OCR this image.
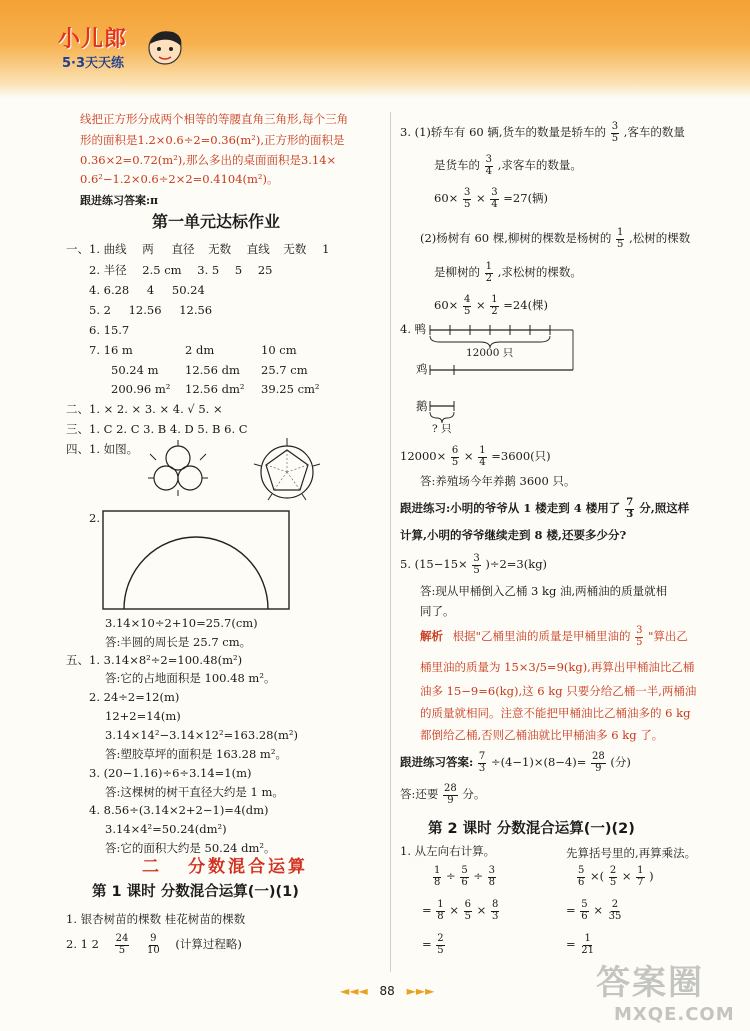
小儿郎
5·3天天练
线把正方形分成两个相等的等腰直角三角形,每个三角
形的面积是1.2×0.6÷2=0.36(m²),正方形的面积是
0.36×2=0.72(m²),那么多出的桌面面积是3.14×
0.6²−1.2×0.6÷2×2=0.4104(m²)。
跟进练习答案:π
第一单元达标作业
一、1. 曲线 两 直径 无数 直线 无数 1
2. 半径 2.5 cm 3. 5 5 25
4. 6.28 4 50.24
5. 2 12.56 12.56
6. 15.7
7. 16 m	2 dm	10 cm
50.24 m 12.56 dm 25.7 cm
200.96 m² 12.56 dm² 39.25 cm²
二、1. × 2. × 3. × 4. √ 5. ×
三、1. C 2. C 3. B 4. D 5. B 6. C
四、1. 如图。
2.
3.14×10÷2+10=25.7(cm)
答:半圆的周长是 25.7 cm。
五、1. 3.14×8²÷2=100.48(m²)
答:它的占地面积是 100.48 m²。
2. 24÷2=12(m)
12+2=14(m)
3.14×14²−3.14×12²=163.28(m²)
答:塑胶草坪的面积是 163.28 m²。
3. (20−1.16)÷6÷3.14=1(m)
答:这棵树的树干直径大约是 1 m。
4. 8.56÷(3.14×2+2−1)=4(dm)
3.14×4²=50.24(dm²)
答:它的面积大约是 50.24 dm²。
二 分数混合运算
第 1 课时 分数混合运算(一)(1)
1. 银杏树苗的棵数 桂花树苗的棵数
2. 1 $2 \frac{24}{5}$
$\frac{9}{10}$ (计算过程略)
3. (1)轿车有 60 辆,货车的数量是轿车的 $\frac{3}{5}$ ,客车的数量
是货车的 $\frac{3}{4}$ ,求客车的数量。
$60\times \frac{3}{5} \times \frac{3}{4} =27$(辆)
(2)杨树有 60 棵,柳树的棵数是杨树的 $\frac{1}{5}$ ,松树的棵数
是柳树的 $\frac{1}{2}$ ,求松树的棵数。
$60\times \frac{4}{5} \times \frac{1}{2} =24$(棵)
4. 鸭
12000 只
鸡
鹅
? 只
$12000\times \frac{6}{5} \times \frac{1}{4} =3600$(只)
答:养殖场今年养鹅 3600 只。
跟进练习:小明的爷爷从 1 楼走到 4 楼用了 $\frac{7}{3}$ 分,照这样
计算,小明的爷爷继续走到 8 楼,还要多少分?
5. $(15-15\times \frac{3}{5} )\div 2=3(kg)$
答:现从甲桶倒入乙桶 3 kg 油,两桶油的质量就相
同了。
解析 根据"乙桶里油的质量是甲桶里油的 $\frac{3}{5}$ "算出乙
桶里油的质量为 15×3/5=9(kg),再算出甲桶油比乙桶
油多 15−9=6(kg),这 6 kg 只要分给乙桶一半,两桶油
的质量就相同。注意不能把甲桶油比乙桶油多的 6 kg
都倒给乙桶,否则乙桶油就比甲桶油多 6 kg 了。
跟进练习答案: $\frac{7}{3} \div(4-1)\times(8-4)= \frac{28}{9}$ (分)
答:还要 $\frac{28}{9}$ 分。
第 2 课时 分数混合运算(一)(2)
1. 从左向右计算。	先算括号里的,再算乘法。
$\frac{1}{8} \div \frac{5}{6} \div \frac{3}{8}$
= $\frac{1}{8} \times \frac{6}{5} \times \frac{8}{3}$
= $\frac{2}{5}$
$\frac{5}{6}$ ×( $\frac{2}{5} \times \frac{1}{7}$ )
= $\frac{5}{6} \times \frac{2}{35}$
= $\frac{1}{21}$
◄◄◄ 88 ►►►	答案圈
MXQE.COM
